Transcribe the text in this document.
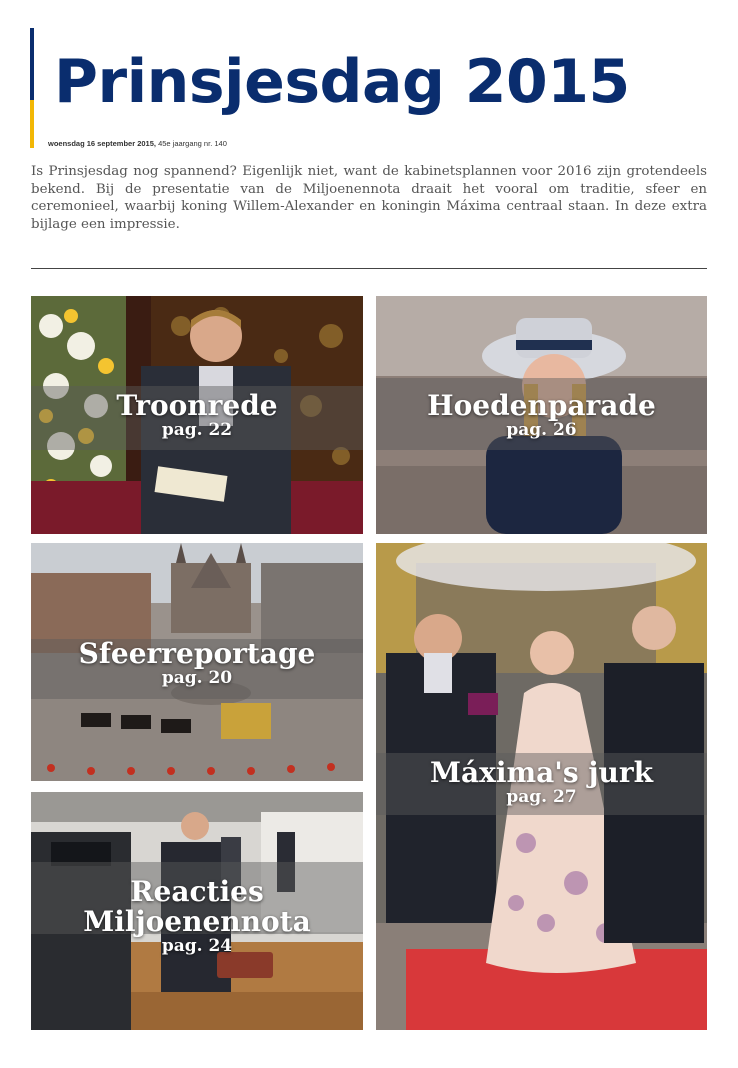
Prinsjesdag 2015
woensdag 16 september 2015, 45e jaargang nr. 140

Is Prinsjesdag nog spannend? Eigenlijk niet, want de kabinetsplannen voor 2016 zijn grotendeels bekend. Bij de presentatie van de Miljoenennota draait het vooral om traditie, sfeer en ceremonieel, waarbij koning Willem-Alexander en koningin Máxima centraal staan. In deze extra bijlage een impressie.

Troonrede
pag. 22
Hoedenparade
pag. 26
Sfeerreportage
pag. 20
Máxima's jurk
pag. 27
Reacties Miljoenennota
pag. 24
